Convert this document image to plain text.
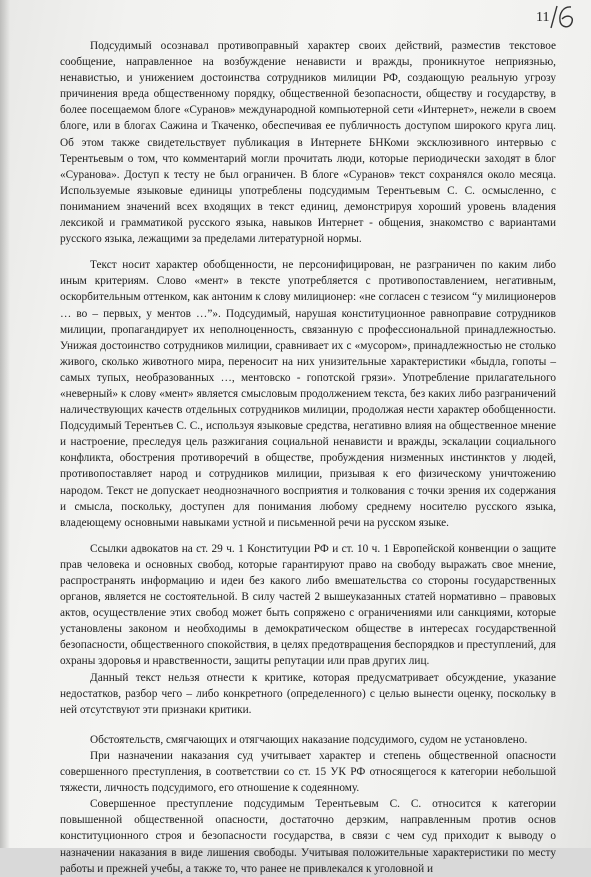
11

Подсудимый осознавал противоправный характер своих действий, разместив текстовое сообщение, направленное на возбуждение ненависти и вражды, проникнутое неприязнью, ненавистью, и унижением достоинства сотрудников милиции РФ, создающую реальную угрозу причинения вреда общественному порядку, общественной безопасности, обществу и государству, в более посещаемом блоге «Суранов» международной компьютерной сети «Интернет», нежели в своем блоге, или в блогах Сажина и Ткаченко, обеспечивая ее публичность доступом широкого круга лиц. Об этом также свидетельствует публикация в Интернете БНКоми эксклюзивного интервью с Терентьевым о том, что комментарий могли прочитать люди, которые периодически заходят в блог «Суранова». Доступ к тесту не был ограничен. В блоге «Суранов» текст сохранялся около месяца. Используемые языковые единицы употреблены подсудимым Терентьевым С. С. осмысленно, с пониманием значений всех входящих в текст единиц, демонстрируя хороший уровень владения лексикой и грамматикой русского языка, навыков Интернет - общения, знакомство с вариантами русского языка, лежащими за пределами литературной нормы.

Текст носит характер обобщенности, не персонифицирован, не разграничен по каким либо иным критериям. Слово «мент» в тексте употребляется с противопоставлением, негативным, оскорбительным оттенком, как антоним к слову милиционер: «не согласен с тезисом “у милиционеров … во – первых, у ментов …”». Подсудимый, нарушая конституционное равноправие сотрудников милиции, пропагандирует их неполноценность, связанную с профессиональной принадлежностью. Унижая достоинство сотрудников милиции, сравнивает их с «мусором», принадлежностью не столько живого, сколько животного мира, переносит на них унизительные характеристики «быдла, гопоты – самых тупых, необразованных …, ментовско - гопотской грязи». Употребление прилагательного «неверный» к слову «мент» является смысловым продолжением текста, без каких либо разграничений наличествующих качеств отдельных сотрудников милиции, продолжая нести характер обобщенности. Подсудимый Терентьев С. С., используя языковые средства, негативно влияя на общественное мнение и настроение, преследуя цель разжигания социальной ненависти и вражды, эскалации социального конфликта, обострения противоречий в обществе, пробуждения низменных инстинктов у людей, противопоставляет народ и сотрудников милиции, призывая к его физическому уничтожению народом. Текст не допускает неоднозначного восприятия и толкования с точки зрения их содержания и смысла, поскольку, доступен для понимания любому среднему носителю русского языка, владеющему основными навыками устной и письменной речи на русском языке.

Ссылки адвокатов на ст. 29 ч. 1 Конституции РФ и ст. 10 ч. 1 Европейской конвенции о защите прав человека и основных свобод, которые гарантируют право на свободу выражать свое мнение, распространять информацию и идеи без какого либо вмешательства со стороны государственных органов, является не состоятельной. В силу частей 2 вышеуказанных статей нормативно – правовых актов, осуществление этих свобод может быть сопряжено с ограничениями или санкциями, которые установлены законом и необходимы в демократическом обществе в интересах государственной безопасности, общественного спокойствия, в целях предотвращения беспорядков и преступлений, для охраны здоровья и нравственности, защиты репутации или прав других лиц.

Данный текст нельзя отнести к критике, которая предусматривает обсуждение, указание недостатков, разбор чего – либо конкретного (определенного) с целью вынести оценку, поскольку в ней отсутствуют эти признаки критики.

Обстоятельств, смягчающих и отягчающих наказание подсудимого, судом не установлено.

При назначении наказания суд учитывает характер и степень общественной опасности совершенного преступления, в соответствии со ст. 15 УК РФ относящегося к категории небольшой тяжести, личность подсудимого, его отношение к содеянному.

Совершенное преступление подсудимым Терентьевым С. С. относится к категории повышенной общественной опасности, достаточно дерзким, направленным против основ конституционного строя и безопасности государства, в связи с чем суд приходит к выводу о назначении наказания в виде лишения свободы. Учитывая положительные характеристики по месту работы и прежней учебы, а также то, что ранее не привлекался к уголовной и
